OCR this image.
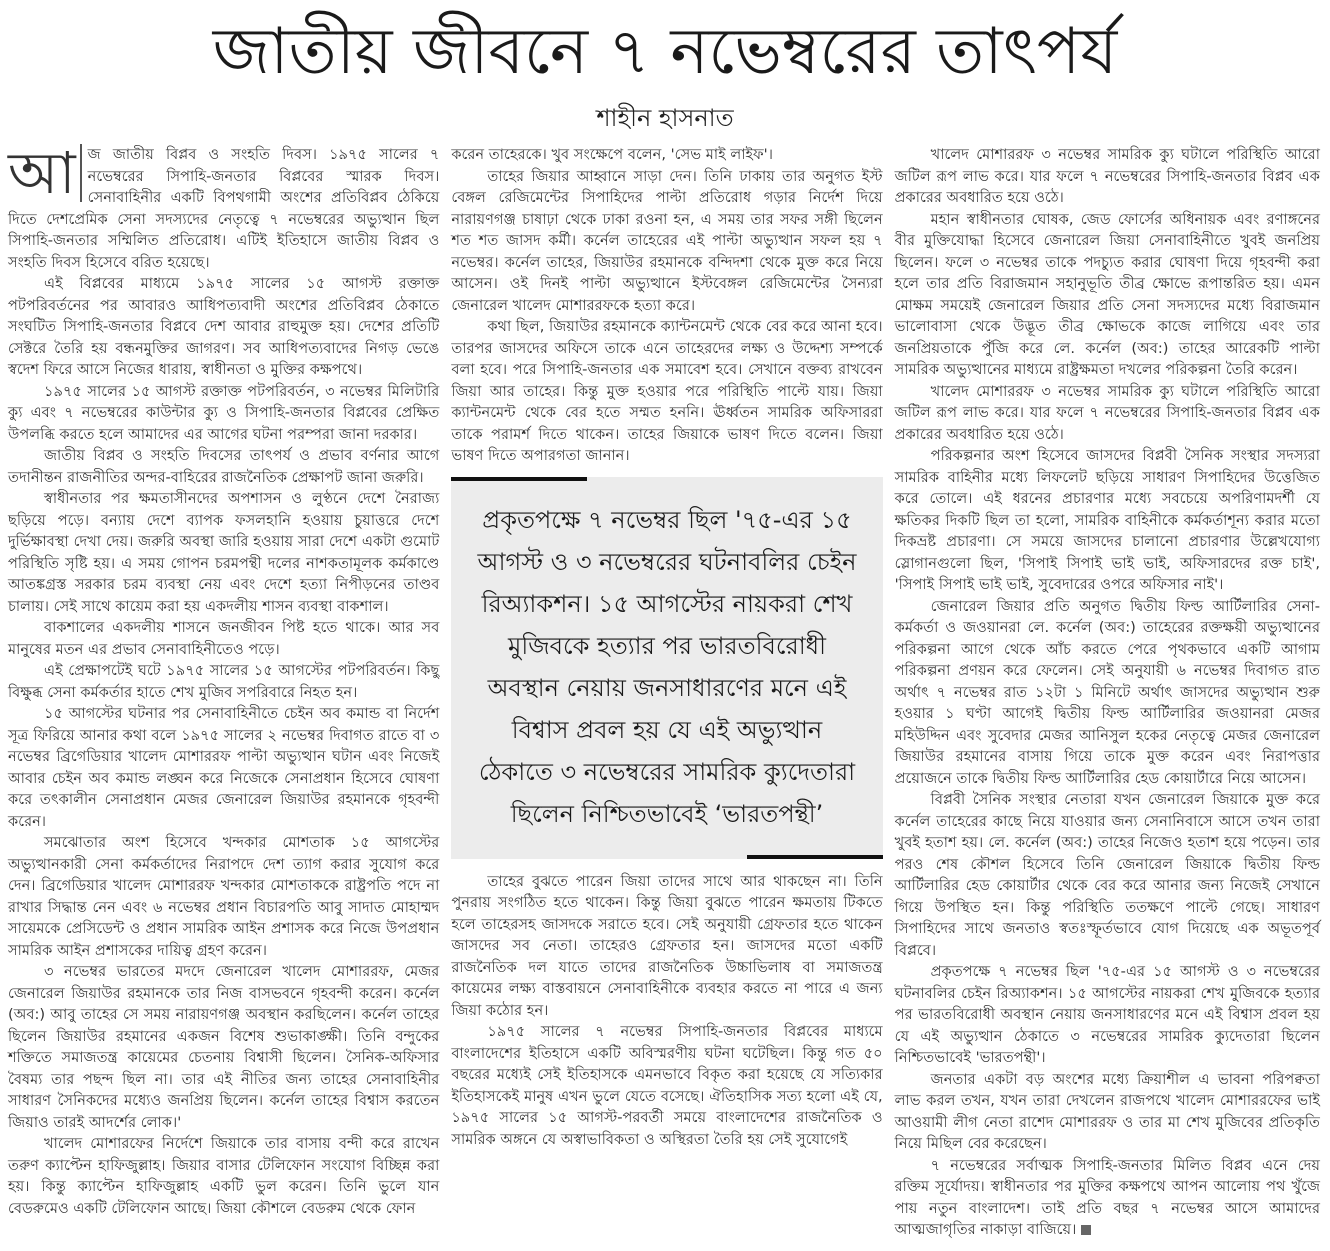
জাতীয় জীবনে ৭ নভেম্বরের তাৎপর্য
শাহীন হাসনাত

আ জ জাতীয় বিপ্লব ও সংহতি দিবস। ১৯৭৫ সালের ৭ নভেম্বরের সিপাহি-জনতার বিপ্লবের স্মারক দিবস। সেনাবাহিনীর একটি বিপথগামী অংশের প্রতিবিপ্লব ঠেকিয়ে দিতে দেশপ্রেমিক সেনা সদস্যদের নেতৃত্বে ৭ নভেম্বরের অভ্যুত্থান ছিল সিপাহি-জনতার সম্মিলিত প্রতিরোধ। এটিই ইতিহাসে জাতীয় বিপ্লব ও সংহতি দিবস হিসেবে বরিত হয়েছে।

এই বিপ্লবের মাধ্যমে ১৯৭৫ সালের ১৫ আগস্ট রক্তাক্ত পটপরিবর্তনের পর আবারও আধিপত্যবাদী অংশের প্রতিবিপ্লব ঠেকাতে সংঘটিত সিপাহি-জনতার বিপ্লবে দেশ আবার রাহুমুক্ত হয়। দেশের প্রতিটি সেক্টরে তৈরি হয় বন্ধনমুক্তির জাগরণ। সব আধিপত্যবাদের নিগড় ভেঙে স্বদেশ ফিরে আসে নিজের ধারায়, স্বাধীনতা ও মুক্তির কক্ষপথে।

১৯৭৫ সালের ১৫ আগস্ট রক্তাক্ত পটপরিবর্তন, ৩ নভেম্বর মিলিটারি ক্যু এবং ৭ নভেম্বরের কাউন্টার ক্যু ও সিপাহি-জনতার বিপ্লবের প্রেক্ষিত উপলব্ধি করতে হলে আমাদের এর আগের ঘটনা পরম্পরা জানা দরকার।

জাতীয় বিপ্লব ও সংহতি দিবসের তাৎপর্য ও প্রভাব বর্ণনার আগে তদানীন্তন রাজনীতির অন্দর-বাহিরের রাজনৈতিক প্রেক্ষাপট জানা জরুরি।

স্বাধীনতার পর ক্ষমতাসীনদের অপশাসন ও লুণ্ঠনে দেশে নৈরাজ্য ছড়িয়ে পড়ে। বন্যায় দেশে ব্যাপক ফসলহানি হওয়ায় চুয়াত্তরে দেশে দুর্ভিক্ষাবস্থা দেখা দেয়। জরুরি অবস্থা জারি হওয়ায় সারা দেশে একটা গুমোট পরিস্থিতি সৃষ্টি হয়। এ সময় গোপন চরমপন্থী দলের নাশকতামূলক কর্মকাণ্ডে আতঙ্কগ্রস্ত সরকার চরম ব্যবস্থা নেয় এবং দেশে হত্যা নিপীড়নের তাণ্ডব চালায়। সেই সাথে কায়েম করা হয় একদলীয় শাসন ব্যবস্থা বাকশাল।

বাকশালের একদলীয় শাসনে জনজীবন পিষ্ট হতে থাকে। আর সব মানুষের মতন এর প্রভাব সেনাবাহিনীতেও পড়ে।

এই প্রেক্ষাপটেই ঘটে ১৯৭৫ সালের ১৫ আগস্টের পটপরিবর্তন। কিছু বিক্ষুব্ধ সেনা কর্মকর্তার হাতে শেখ মুজিব সপরিবারে নিহত হন।

১৫ আগস্টের ঘটনার পর সেনাবাহিনীতে চেইন অব কমান্ড বা নির্দেশ সূত্র ফিরিয়ে আনার কথা বলে ১৯৭৫ সালের ২ নভেম্বর দিবাগত রাতে বা ৩ নভেম্বর ব্রিগেডিয়ার খালেদ মোশাররফ পাল্টা অভ্যুত্থান ঘটান এবং নিজেই আবার চেইন অব কমান্ড লঙ্ঘন করে নিজেকে সেনাপ্রধান হিসেবে ঘোষণা করে তৎকালীন সেনাপ্রধান মেজর জেনারেল জিয়াউর রহমানকে গৃহবন্দী করেন।

সমঝোতার অংশ হিসেবে খন্দকার মোশতাক ১৫ আগস্টের অভ্যুত্থানকারী সেনা কর্মকর্তাদের নিরাপদে দেশ ত্যাগ করার সুযোগ করে দেন। ব্রিগেডিয়ার খালেদ মোশাররফ খন্দকার মোশতাককে রাষ্ট্রপতি পদে না রাখার সিদ্ধান্ত নেন এবং ৬ নভেম্বর প্রধান বিচারপতি আবু সাদাত মোহাম্মদ সায়েমকে প্রেসিডেন্ট ও প্রধান সামরিক আইন প্রশাসক করে নিজে উপপ্রধান সামরিক আইন প্রশাসকের দায়িত্ব গ্রহণ করেন।

৩ নভেম্বর ভারতের মদদে জেনারেল খালেদ মোশাররফ, মেজর জেনারেল জিয়াউর রহমানকে তার নিজ বাসভবনে গৃহবন্দী করেন। কর্নেল (অব:) আবু তাহের সে সময় নারায়ণগঞ্জ অবস্থান করছিলেন। কর্নেল তাহের ছিলেন জিয়াউর রহমানের একজন বিশেষ শুভাকাঙ্ক্ষী। তিনি বন্দুকের শক্তিতে সমাজতন্ত্র কায়েমের চেতনায় বিশ্বাসী ছিলেন। সৈনিক-অফিসার বৈষম্য তার পছন্দ ছিল না। তার এই নীতির জন্য তাহের সেনাবাহিনীর সাধারণ সৈনিকদের মধ্যেও জনপ্রিয় ছিলেন। কর্নেল তাহের বিশ্বাস করতেন জিয়াও তারই আদর্শের লোক।'

খালেদ মোশারফের নির্দেশে জিয়াকে তার বাসায় বন্দী করে রাখেন তরুণ ক্যাপ্টেন হাফিজুল্লাহ। জিয়ার বাসার টেলিফোন সংযোগ বিচ্ছিন্ন করা হয়। কিন্তু ক্যাপ্টেন হাফিজুল্লাহ একটি ভুল করেন। তিনি ভুলে যান বেডরুমেও একটি টেলিফোন আছে। জিয়া কৌশলে বেডরুম থেকে ফোন

করেন তাহেরকে। খুব সংক্ষেপে বলেন, 'সেভ মাই লাইফ'।

তাহের জিয়ার আহ্বানে সাড়া দেন। তিনি ঢাকায় তার অনুগত ইস্ট বেঙ্গল রেজিমেন্টের সিপাহিদের পাল্টা প্রতিরোধ গড়ার নির্দেশ দিয়ে নারায়ণগঞ্জ চাষাঢ়া থেকে ঢাকা রওনা হন, এ সময় তার সফর সঙ্গী ছিলেন শত শত জাসদ কর্মী। কর্নেল তাহেরের এই পাল্টা অভ্যুত্থান সফল হয় ৭ নভেম্বর। কর্নেল তাহের, জিয়াউর রহমানকে বন্দিদশা থেকে মুক্ত করে নিয়ে আসেন। ওই দিনই পাল্টা অভ্যুত্থানে ইস্টবেঙ্গল রেজিমেন্টের সৈন্যরা জেনারেল খালেদ মোশাররফকে হত্যা করে।

কথা ছিল, জিয়াউর রহমানকে ক্যান্টনমেন্ট থেকে বের করে আনা হবে। তারপর জাসদের অফিসে তাকে এনে তাহেরদের লক্ষ্য ও উদ্দেশ্য সম্পর্কে বলা হবে। পরে সিপাহি-জনতার এক সমাবেশ হবে। সেখানে বক্তব্য রাখবেন জিয়া আর তাহের। কিন্তু মুক্ত হওয়ার পরে পরিস্থিতি পাল্টে যায়। জিয়া ক্যান্টনমেন্ট থেকে বের হতে সম্মত হননি। ঊর্ধ্বতন সামরিক অফিসাররা তাকে পরামর্শ দিতে থাকেন। তাহের জিয়াকে ভাষণ দিতে বলেন। জিয়া ভাষণ দিতে অপারগতা জানান।

প্রকৃতপক্ষে ৭ নভেম্বর ছিল '৭৫-এর ১৫ আগস্ট ও ৩ নভেম্বরের ঘটনাবলির চেইন রিঅ্যাকশন। ১৫ আগস্টের নায়করা শেখ মুজিবকে হত্যার পর ভারতবিরোধী অবস্থান নেয়ায় জনসাধারণের মনে এই বিশ্বাস প্রবল হয় যে এই অভ্যুত্থান ঠেকাতে ৩ নভেম্বরের সামরিক ক্যুদেতারা ছিলেন নিশ্চিতভাবেই ‘ভারতপন্থী’

তাহের বুঝতে পারেন জিয়া তাদের সাথে আর থাকছেন না। তিনি পুনরায় সংগঠিত হতে থাকেন। কিন্তু জিয়া বুঝতে পারেন ক্ষমতায় টিকতে হলে তাহেরসহ জাসদকে সরাতে হবে। সেই অনুযায়ী গ্রেফতার হতে থাকেন জাসদের সব নেতা। তাহেরও গ্রেফতার হন। জাসদের মতো একটি রাজনৈতিক দল যাতে তাদের রাজনৈতিক উচ্চাভিলাষ বা সমাজতন্ত্র কায়েমের লক্ষ্য বাস্তবায়নে সেনাবাহিনীকে ব্যবহার করতে না পারে এ জন্য জিয়া কঠোর হন।

১৯৭৫ সালের ৭ নভেম্বর সিপাহি-জনতার বিপ্লবের মাধ্যমে বাংলাদেশের ইতিহাসে একটি অবিস্মরণীয় ঘটনা ঘটেছিল। কিন্তু গত ৫০ বছরের মধ্যেই সেই ইতিহাসকে এমনভাবে বিকৃত করা হয়েছে যে সত্যিকার ইতিহাসকেই মানুষ এখন ভুলে যেতে বসেছে। ঐতিহাসিক সত্য হলো এই যে, ১৯৭৫ সালের ১৫ আগস্ট-পরবর্তী সময়ে বাংলাদেশের রাজনৈতিক ও সামরিক অঙ্গনে যে অস্বাভাবিকতা ও অস্থিরতা তৈরি হয় সেই সুযোগেই

খালেদ মোশাররফ ৩ নভেম্বর সামরিক ক্যু ঘটালে পরিস্থিতি আরো জটিল রূপ লাভ করে। যার ফলে ৭ নভেম্বরের সিপাহি-জনতার বিপ্লব এক প্রকারের অবধারিত হয়ে ওঠে।

মহান স্বাধীনতার ঘোষক, জেড ফোর্সের অধিনায়ক এবং রণাঙ্গনের বীর মুক্তিযোদ্ধা হিসেবে জেনারেল জিয়া সেনাবাহিনীতে খুবই জনপ্রিয় ছিলেন। ফলে ৩ নভেম্বর তাকে পদচ্যুত করার ঘোষণা দিয়ে গৃহবন্দী করা হলে তার প্রতি বিরাজমান সহানুভূতি তীব্র ক্ষোভে রূপান্তরিত হয়। এমন মোক্ষম সময়েই জেনারেল জিয়ার প্রতি সেনা সদস্যদের মধ্যে বিরাজমান ভালোবাসা থেকে উদ্ভূত তীব্র ক্ষোভকে কাজে লাগিয়ে এবং তার জনপ্রিয়তাকে পুঁজি করে লে. কর্নেল (অব:) তাহের আরেকটি পাল্টা সামরিক অভ্যুত্থানের মাধ্যমে রাষ্ট্রক্ষমতা দখলের পরিকল্পনা তৈরি করেন।

খালেদ মোশাররফ ৩ নভেম্বর সামরিক ক্যু ঘটালে পরিস্থিতি আরো জটিল রূপ লাভ করে। যার ফলে ৭ নভেম্বরের সিপাহি-জনতার বিপ্লব এক প্রকারের অবধারিত হয়ে ওঠে।

পরিকল্পনার অংশ হিসেবে জাসদের বিপ্লবী সৈনিক সংস্থার সদস্যরা সামরিক বাহিনীর মধ্যে লিফলেট ছড়িয়ে সাধারণ সিপাহিদের উত্তেজিত করে তোলে। এই ধরনের প্রচারণার মধ্যে সবচেয়ে অপরিণামদর্শী যে ক্ষতিকর দিকটি ছিল তা হলো, সামরিক বাহিনীকে কর্মকর্তাশূন্য করার মতো দিকভ্রষ্ট প্রচারণা। সে সময়ে জাসদের চালানো প্রচারণার উল্লেখযোগ্য স্লোগানগুলো ছিল, 'সিপাই সিপাই ভাই ভাই, অফিসারদের রক্ত চাই', 'সিপাই সিপাই ভাই ভাই, সুবেদারের ওপরে অফিসার নাই'।

জেনারেল জিয়ার প্রতি অনুগত দ্বিতীয় ফিল্ড আর্টিলারির সেনা-কর্মকর্তা ও জওয়ানরা লে. কর্নেল (অব:) তাহেরের রক্তক্ষয়ী অভ্যুত্থানের পরিকল্পনা আগে থেকে আঁচ করতে পেরে পৃথকভাবে একটি আগাম পরিকল্পনা প্রণয়ন করে ফেলেন। সেই অনুযায়ী ৬ নভেম্বর দিবাগত রাত অর্থাৎ ৭ নভেম্বর রাত ১২টা ১ মিনিটে অর্থাৎ জাসদের অভ্যুত্থান শুরু হওয়ার ১ ঘণ্টা আগেই দ্বিতীয় ফিল্ড আর্টিলারির জওয়ানরা মেজর মহিউদ্দিন এবং সুবেদার মেজর আনিসুল হকের নেতৃত্বে মেজর জেনারেল জিয়াউর রহমানের বাসায় গিয়ে তাকে মুক্ত করেন এবং নিরাপত্তার প্রয়োজনে তাকে দ্বিতীয় ফিল্ড আর্টিলারির হেড কোয়ার্টারে নিয়ে আসেন।

বিপ্লবী সৈনিক সংস্থার নেতারা যখন জেনারেল জিয়াকে মুক্ত করে কর্নেল তাহেরের কাছে নিয়ে যাওয়ার জন্য সেনানিবাসে আসে তখন তারা খুবই হতাশ হয়। লে. কর্নেল (অব:) তাহের নিজেও হতাশ হয়ে পড়েন। তার পরও শেষ কৌশল হিসেবে তিনি জেনারেল জিয়াকে দ্বিতীয় ফিল্ড আর্টিলারির হেড কোয়ার্টার থেকে বের করে আনার জন্য নিজেই সেখানে গিয়ে উপস্থিত হন। কিন্তু পরিস্থিতি ততক্ষণে পাল্টে গেছে। সাধারণ সিপাহিদের সাথে জনতাও স্বতঃস্ফূর্তভাবে যোগ দিয়েছে এক অভূতপূর্ব বিপ্লবে।

প্রকৃতপক্ষে ৭ নভেম্বর ছিল '৭৫-এর ১৫ আগস্ট ও ৩ নভেম্বরের ঘটনাবলির চেইন রিঅ্যাকশন। ১৫ আগস্টের নায়করা শেখ মুজিবকে হত্যার পর ভারতবিরোধী অবস্থান নেয়ায় জনসাধারণের মনে এই বিশ্বাস প্রবল হয় যে এই অভ্যুত্থান ঠেকাতে ৩ নভেম্বরের সামরিক ক্যুদেতারা ছিলেন নিশ্চিতভাবেই 'ভারতপন্থী'।

জনতার একটা বড় অংশের মধ্যে ক্রিয়াশীল এ ভাবনা পরিপক্বতা লাভ করল তখন, যখন তারা দেখলেন রাজপথে খালেদ মোশাররফের ভাই আওয়ামী লীগ নেতা রাশেদ মোশাররফ ও তার মা শেখ মুজিবের প্রতিকৃতি নিয়ে মিছিল বের করেছেন।

৭ নভেম্বরের সর্বাত্মক সিপাহি-জনতার মিলিত বিপ্লব এনে দেয় রক্তিম সূর্যোদয়। স্বাধীনতার পর মুক্তির কক্ষপথে আপন আলোয় পথ খুঁজে পায় নতুন বাংলাদেশ। তাই প্রতি বছর ৭ নভেম্বর আসে আমাদের আত্মজাগৃতির নাকাড়া বাজিয়ে।
